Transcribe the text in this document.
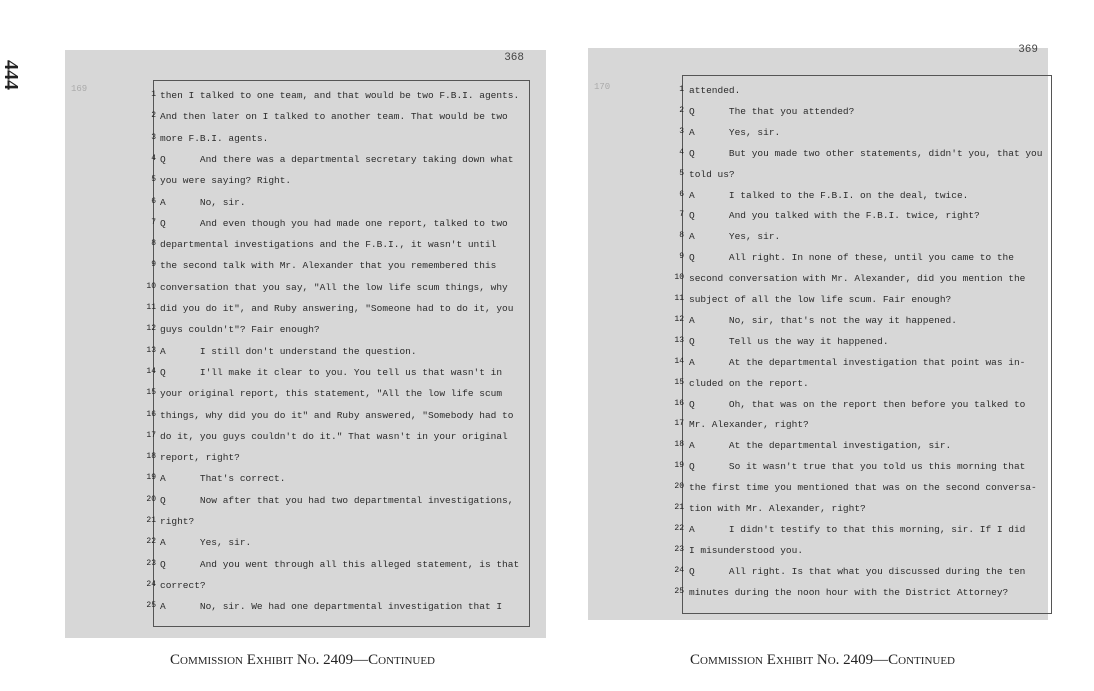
444
368
169
1 then I talked to one team, and that would be two F.B.I. agents.
2 And then later on I talked to another team. That would be two
3 more F.B.I. agents.
4 Q      And there was a departmental secretary taking down what
5 you were saying? Right.
6 A      No, sir.
7 Q      And even though you had made one report, talked to two
8 departmental investigations and the F.B.I., it wasn't until
9 the second talk with Mr. Alexander that you remembered this
10 conversation that you say, "All the low life scum things, why
11 did you do it", and Ruby answering, "Someone had to do it, you
12 guys couldn't"? Fair enough?
13 A      I still don't understand the question.
14 Q      I'll make it clear to you. You tell us that wasn't in
15 your original report, this statement, "All the low life scum
16 things, why did you do it" and Ruby answered, "Somebody had to
17 do it, you guys couldn't do it." That wasn't in your original
18 report, right?
19 A      That's correct.
20 Q      Now after that you had two departmental investigations,
21 right?
22 A      Yes, sir.
23 Q      And you went through all this alleged statement, is that
24 correct?
25 A      No, sir. We had one departmental investigation that I
369
170	1 attended.
2 Q      The that you attended?
3 A      Yes, sir.
4 Q      But you made two other statements, didn't you, that you
5 told us?
6 A      I talked to the F.B.I. on the deal, twice.
7 Q      And you talked with the F.B.I. twice, right?
8 A      Yes, sir.
9 Q      All right. In none of these, until you came to the
10 second conversation with Mr. Alexander, did you mention the
11 subject of all the low life scum. Fair enough?
12 A      No, sir, that's not the way it happened.
13 Q      Tell us the way it happened.
14 A      At the departmental investigation that point was in-
15 cluded on the report.
16 Q      Oh, that was on the report then before you talked to
17 Mr. Alexander, right?
18 A      At the departmental investigation, sir.
19 Q      So it wasn't true that you told us this morning that
20 the first time you mentioned that was on the second conversa-
21 tion with Mr. Alexander, right?
22 A      I didn't testify to that this morning, sir. If I did
23 I misunderstood you.
24 Q      All right. Is that what you discussed during the ten
25 minutes during the noon hour with the District Attorney?
Commission Exhibit No. 2409—Continued	Commission Exhibit No. 2409—Continued
